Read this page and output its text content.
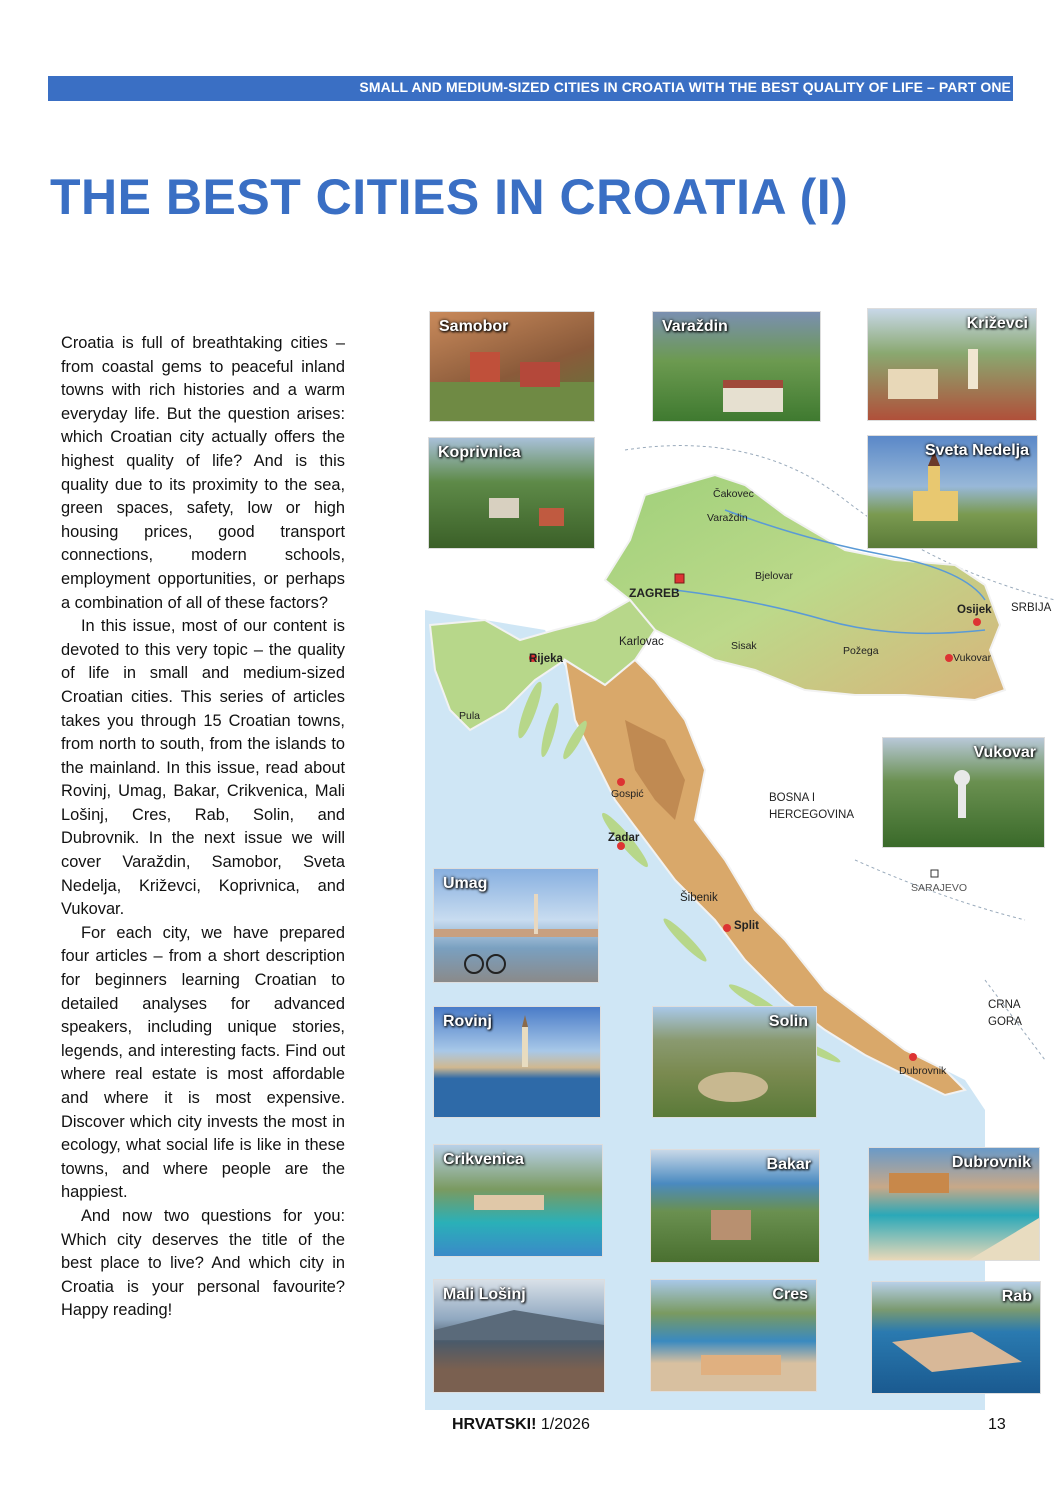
SMALL AND MEDIUM-SIZED CITIES IN CROATIA WITH THE BEST QUALITY OF LIFE – PART ONE
THE BEST CITIES IN CROATIA (I)

Croatia is full of breathtaking cities – from coastal gems to peaceful inland towns with rich histories and a warm everyday life. But the question arises: which Croatian city actually offers the highest quality of life? And is this quality due to its proximity to the sea, green spaces, safety, low or high housing prices, good transport connections, modern schools, employment opportunities, or perhaps a combination of all of these factors?

In this issue, most of our content is devoted to this very topic – the quality of life in small and medium-sized Croatian cities. This series of articles takes you through 15 Croatian towns, from north to south, from the islands to the mainland. In this issue, read about Rovinj, Umag, Bakar, Crikvenica, Mali Lošinj, Cres, Rab, Solin, and Dubrovnik. In the next issue we will cover Varaždin, Samobor, Sveta Nedelja, Križevci, Koprivnica, and Vukovar.

For each city, we have prepared four articles – from a short description for beginners learning Croatian to detailed analyses for advanced speakers, including unique stories, legends, and interesting facts. Find out where real estate is most affordable and where it is most expensive. Discover which city invests the most in ecology, what social life is like in these towns, and where people are the happiest.

And now two questions for you: Which city deserves the title of the best place to live? And which city in Croatia is your personal favourite? Happy reading!

SRBIJA
BOSNA I
HERCEGOVINA
SARAJEVO
CRNA
GORA
ZAGREB
Osijek
Rijeka
Split
Zadar
Dubrovnik
Karlovac
Varaždin
Šibenik
Gospić
Pula
Vukovar
Požega
Sisak
Čakovec
Bjelovar
Samobor	Varaždin	Križevci
Koprivnica	Sveta Nedelja
Vukovar
Umag
Rovinj	Solin
Crikvenica	Bakar	Dubrovnik
Mali Lošinj	Cres	Rab
HRVATSKI! 1/2026	13
